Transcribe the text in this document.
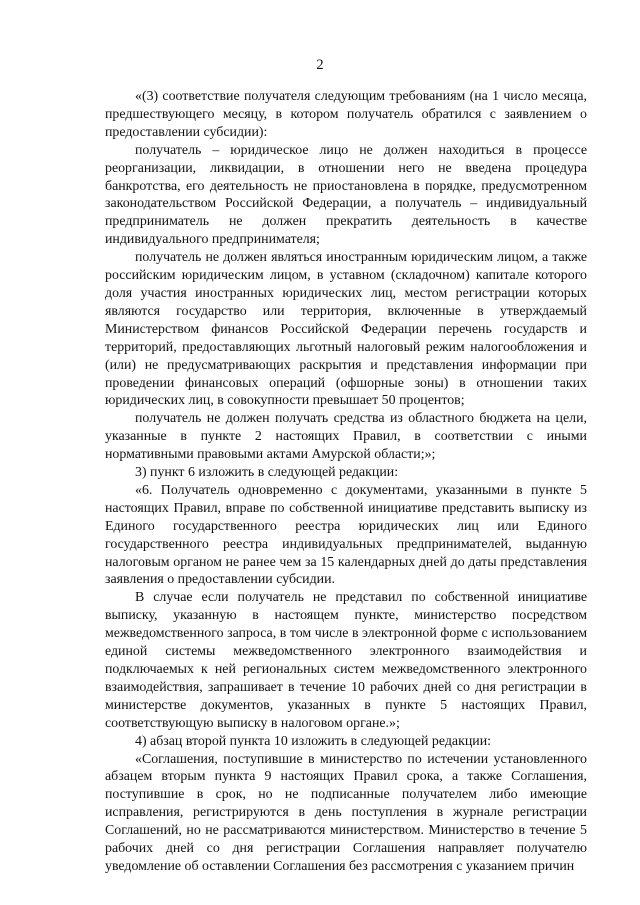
2

«(3) соответствие получателя следующим требованиям (на 1 число месяца, предшествующего месяцу, в котором получатель обратился с заявлением о предоставлении субсидии):

получатель – юридическое лицо не должен находиться в процессе реорганизации, ликвидации, в отношении него не введена процедура банкротства, его деятельность не приостановлена в порядке, предусмотренном законодательством Российской Федерации, а получатель – индивидуальный предприниматель не должен прекратить деятельность в качестве индивидуального предпринимателя;

получатель не должен являться иностранным юридическим лицом, а также российским юридическим лицом, в уставном (складочном) капитале которого доля участия иностранных юридических лиц, местом регистрации которых являются государство или территория, включенные в утверждаемый Министерством финансов Российской Федерации перечень государств и территорий, предоставляющих льготный налоговый режим налогообложения и (или) не предусматривающих раскрытия и представления информации при проведении финансовых операций (офшорные зоны) в отношении таких юридических лиц, в совокупности превышает 50 процентов;

получатель не должен получать средства из областного бюджета на цели, указанные в пункте 2 настоящих Правил, в соответствии с иными нормативными правовыми актами Амурской области;»;

3) пункт 6 изложить в следующей редакции:

«6. Получатель одновременно с документами, указанными в пункте 5 настоящих Правил, вправе по собственной инициативе представить выписку из Единого государственного реестра юридических лиц или Единого государственного реестра индивидуальных предпринимателей, выданную налоговым органом не ранее чем за 15 календарных дней до даты представления заявления о предоставлении субсидии.

В случае если получатель не представил по собственной инициативе выписку, указанную в настоящем пункте, министерство посредством межведомственного запроса, в том числе в электронной форме с использованием единой системы межведомственного электронного взаимодействия и подключаемых к ней региональных систем межведомственного электронного взаимодействия, запрашивает в течение 10 рабочих дней со дня регистрации в министерстве документов, указанных в пункте 5 настоящих Правил, соответствующую выписку в налоговом органе.»;

4) абзац второй пункта 10 изложить в следующей редакции:

«Соглашения, поступившие в министерство по истечении установленного абзацем вторым пункта 9 настоящих Правил срока, а также Соглашения, поступившие в срок, но не подписанные получателем либо имеющие исправления, регистрируются в день поступления в журнале регистрации Соглашений, но не рассматриваются министерством. Министерство в течение 5 рабочих дней со дня регистрации Соглашения направляет получателю уведомление об оставлении Соглашения без рассмотрения с указанием причин
